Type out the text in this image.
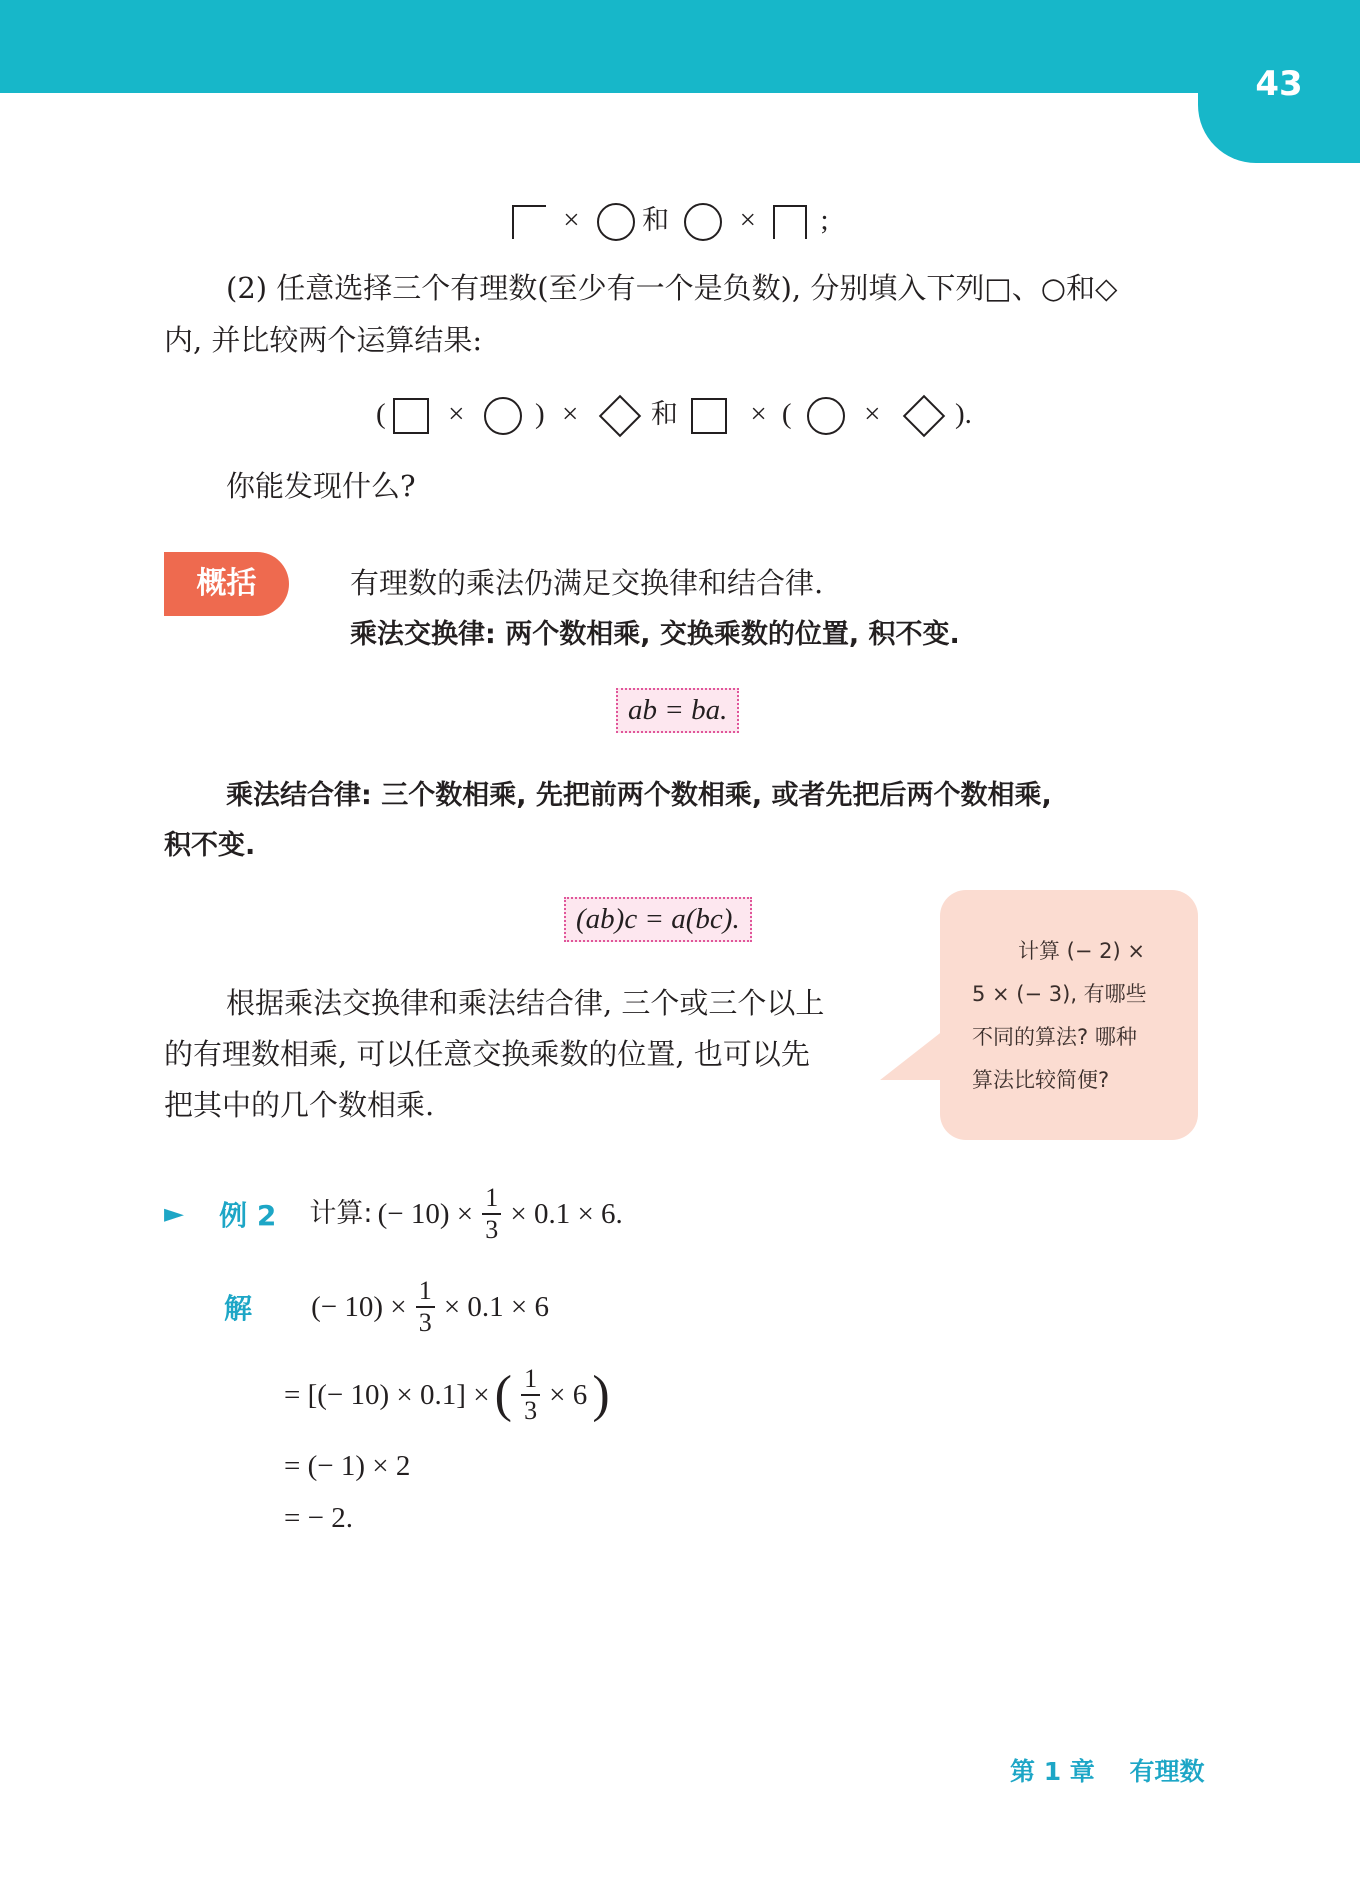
43
× 和 × ;
(2) 任意选择三个有理数(至少有一个是负数), 分别填入下列□、○和◇
内, 并比较两个运算结果:
( × ) ×	和	× (	×	).
你能发现什么?
概括	有理数的乘法仍满足交换律和结合律.
乘法交换律: 两个数相乘, 交换乘数的位置, 积不变.
ab = ba.
乘法结合律: 三个数相乘, 先把前两个数相乘, 或者先把后两个数相乘,
积不变.
(ab)c = a(bc).
根据乘法交换律和乘法结合律, 三个或三个以上
的有理数相乘, 可以任意交换乘数的位置, 也可以先
把其中的几个数相乘.
计算 (− 2) ×
5 × (− 3), 有哪些
不同的算法? 哪种
算法比较简便?
► 例 2 计算: (− $10) \times \frac{1}{3} \times 0.1 \times 6$.
解 (− $10) \times \frac{1}{3} \times 0.1 \times 6$
= [(− 10) × 0.1] × ( $\frac{1}{3} \times 6$ )
= (− 1) × 2
= − 2.
第 1 章 有理数
